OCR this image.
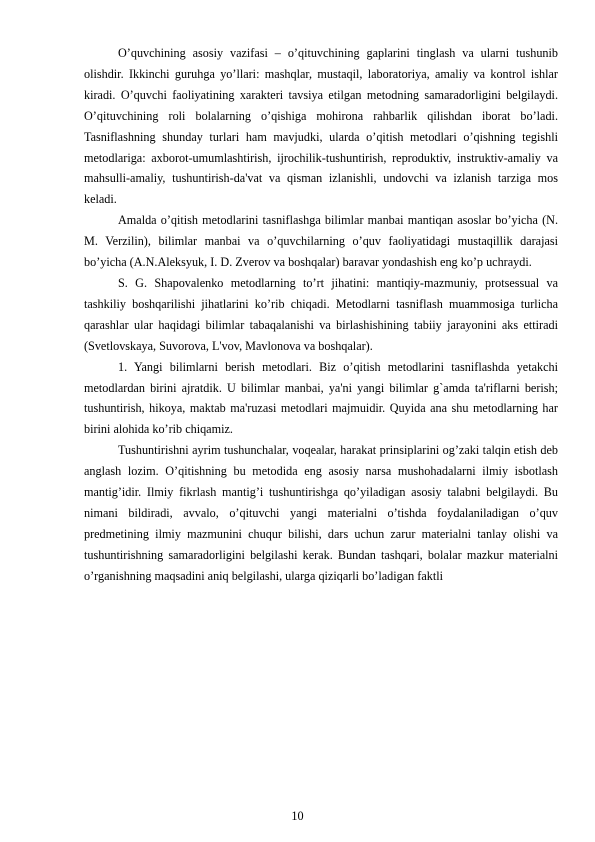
O’quvchining asosiy vazifasi – o’qituvchining gaplarini tinglash va ularni tushunib olishdir. Ikkinchi guruhga yo’llari: mashqlar, mustaqil, laboratoriya, amaliy va kontrol ishlar kiradi. O’quvchi faoliyatining xarakteri tavsiya etilgan metodning samaradorligini belgilaydi. O’qituvchining roli bolalarning o’qishiga mohirona rahbarlik qilishdan iborat bo’ladi. Tasniflashning shunday turlari ham mavjudki, ularda o’qitish metodlari o’qishning tegishli metodlariga: axborot-umumlashtirish, ijrochilik-tushuntirish, reproduktiv, instruktiv-amaliy va mahsulli-amaliy, tushuntirish-da'vat va qisman izlanishli, undovchi va izlanish tarziga mos keladi.

Amalda o’qitish metodlarini tasniflashga bilimlar manbai mantiqan asoslar bo’yicha (N. M. Verzilin), bilimlar manbai va o’quvchilarning o’quv faoliyatidagi mustaqillik darajasi bo’yicha (A.N.Aleksyuk, I. D. Zverov va boshqalar) baravar yondashish eng ko’p uchraydi.

S. G. Shapovalenko metodlarning to’rt jihatini: mantiqiy-mazmuniy, protsessual va tashkiliy boshqarilishi jihatlarini ko’rib chiqadi. Metodlarni tasniflash muammosiga turlicha qarashlar ular haqidagi bilimlar tabaqalanishi va birlashishining tabiiy jarayonini aks ettiradi (Svetlovskaya, Suvorova, L'vov, Mavlonova va boshqalar).

1. Yangi bilimlarni berish metodlari. Biz o’qitish metodlarini tasniflashda yetakchi metodlardan birini ajratdik. U bilimlar manbai, ya'ni yangi bilimlar g`amda ta'riflarni berish; tushuntirish, hikoya, maktab ma'ruzasi metodlari majmuidir. Quyida ana shu metodlarning har birini alohida ko’rib chiqamiz.

Tushuntirishni ayrim tushunchalar, voqealar, harakat prinsiplarini og’zaki talqin etish deb anglash lozim. O’qitishning bu metodida eng asosiy narsa mushohadalarni ilmiy isbotlash mantig’idir. Ilmiy fikrlash mantig’i tushuntirishga qo’yiladigan asosiy talabni belgilaydi. Bu nimani bildiradi, avvalo, o’qituvchi yangi materialni o’tishda foydalaniladigan o’quv predmetining ilmiy mazmunini chuqur bilishi, dars uchun zarur materialni tanlay olishi va tushuntirishning samaradorligini belgilashi kerak. Bundan tashqari, bolalar mazkur materialni o’rganishning maqsadini aniq belgilashi, ularga qiziqarli bo’ladigan faktli

10
